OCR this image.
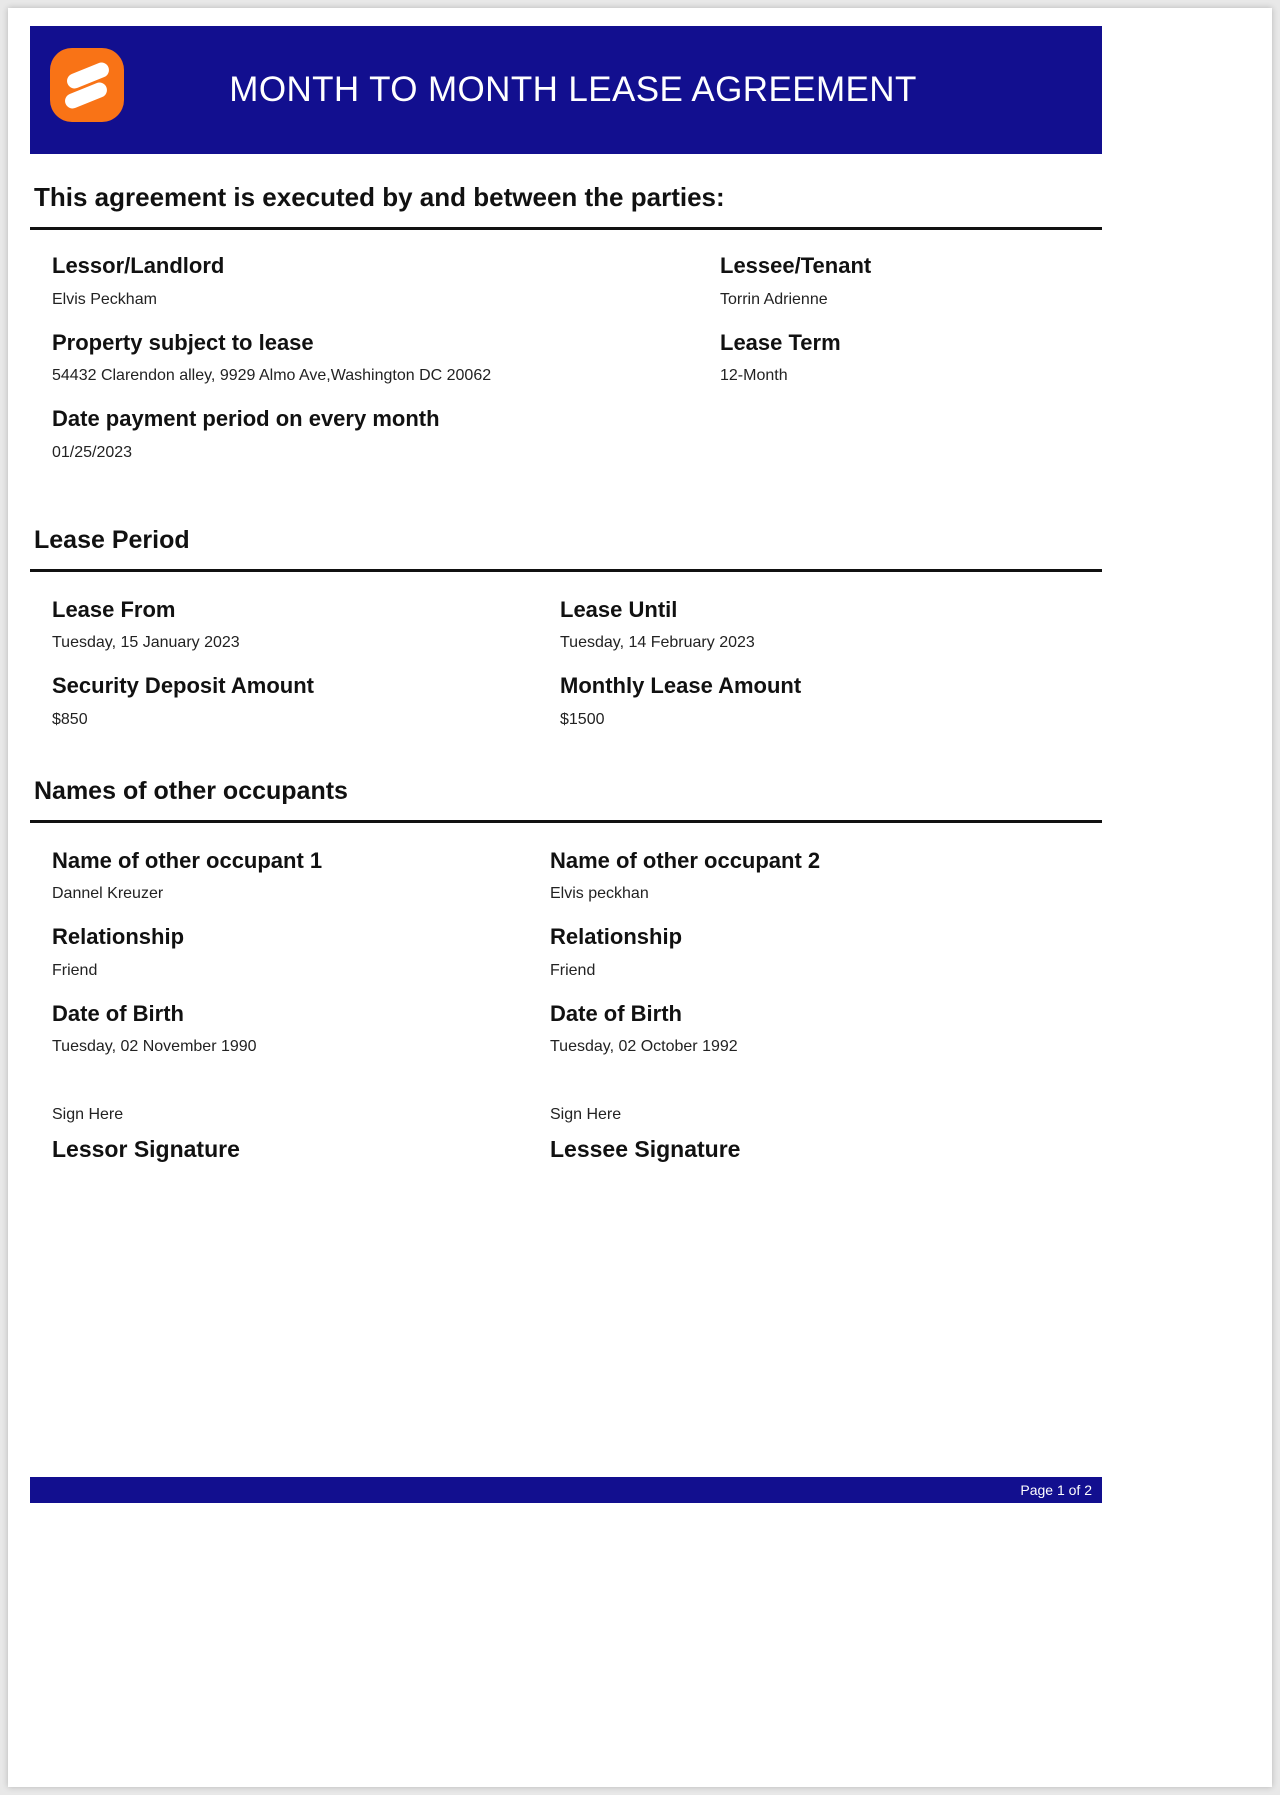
MONTH TO MONTH LEASE AGREEMENT
This agreement is executed by and between the parties:
Lessor/Landlord
Elvis Peckham
Property subject to lease
54432 Clarendon alley, 9929 Almo Ave,Washington DC 20062
Date payment period on every month
01/25/2023
Lessee/Tenant
Torrin Adrienne
Lease Term
12-Month
Lease Period
Lease From
Tuesday, 15 January 2023
Security Deposit Amount
$850
Lease Until
Tuesday, 14 February 2023
Monthly Lease Amount
$1500
Names of other occupants
Name of other occupant 1
Dannel Kreuzer
Relationship
Friend
Date of Birth
Tuesday, 02 November 1990
Sign Here
Lessor Signature
Name of other occupant 2
Elvis peckhan
Relationship
Friend
Date of Birth
Tuesday, 02 October 1992
Sign Here
Lessee Signature
Page 1 of 2
